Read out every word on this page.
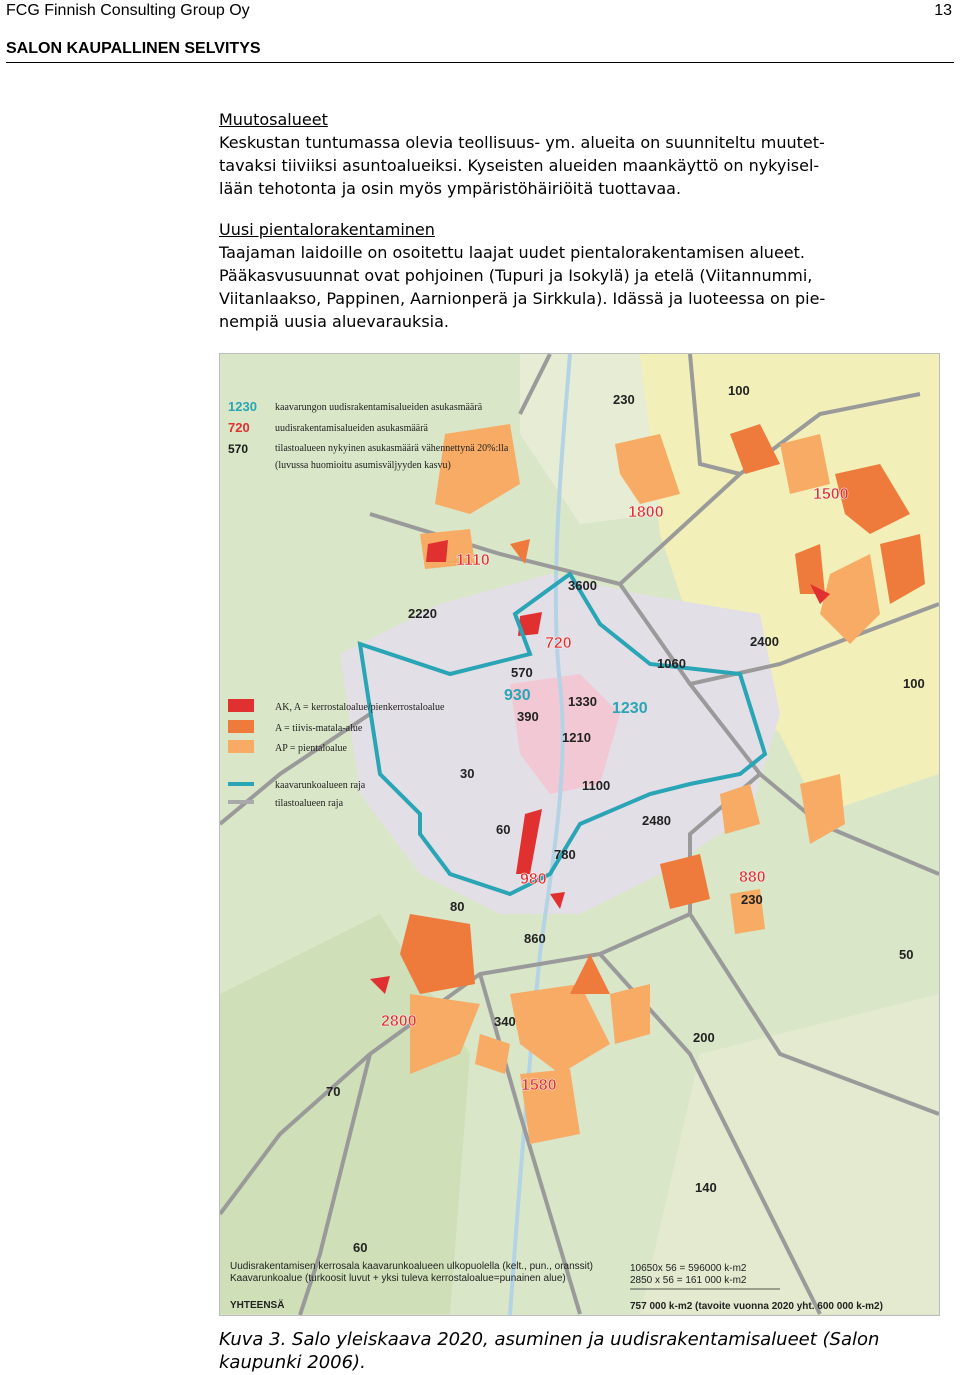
FCG Finnish Consulting Group Oy	13
SALON KAUPALLINEN SELVITYS
Muutosalueet
Keskustan tuntumassa olevia teollisuus- ym. alueita on suunniteltu muutet-
tavaksi tiiviiksi asuntoalueiksi. Kyseisten alueiden maankäyttö on nykyisel-
lään tehotonta ja osin myös ympäristöhäiriöitä tuottavaa.
Uusi pientalorakentaminen
Taajaman laidoille on osoitettu laajat uudet pientalorakentamisen alueet.
Pääkasvusuunnat ovat pohjoinen (Tupuri ja Isokylä) ja etelä (Viitannummi,
Viitanlaakso, Pappinen, Aarnionperä ja Sirkkula). Idässä ja luoteessa on pie-
nempiä uusia aluevarauksia.
1230 kaavarungon uudisrakentamisalueiden asukasmäärä
720	uudisrakentamisalueiden asukasmäärä
570	tilastoalueen nykyinen asukasmäärä vähennettynä 20%:lla
(luvussa huomioitu asumisväljyyden kasvu)
AK, A = kerrostaloalue/pienkerrostaloalue
A = tiivis-matala-alue
AP = pientaloalue
kaavarunkoalueen raja
tilastoalueen raja
1110
1800
1500
720
980	880
2800
1580
930
1230
230
100
3600
2220
2400
1060
100
570
390
1330
1210
30
1100
2480
60
780
230
80
860
50
340
200
70
140
60
Uudisrakentamisen kerrosala kaavarunkoalueen ulkopuolella (kelt., pun., oranssit)
Kaavarunkoalue (turkoosit luvut + yksi tuleva kerrostaloalue=punainen alue)
YHTEENSÄ
10650x 56 = 596000 k-m2
2850 x 56 = 161 000 k-m2
757 000 k-m2 (tavoite vuonna 2020 yht. 600 000 k-m2)
Kuva 3. Salo yleiskaava 2020, asuminen ja uudisrakentamisalueet (Salon
kaupunki 2006).
